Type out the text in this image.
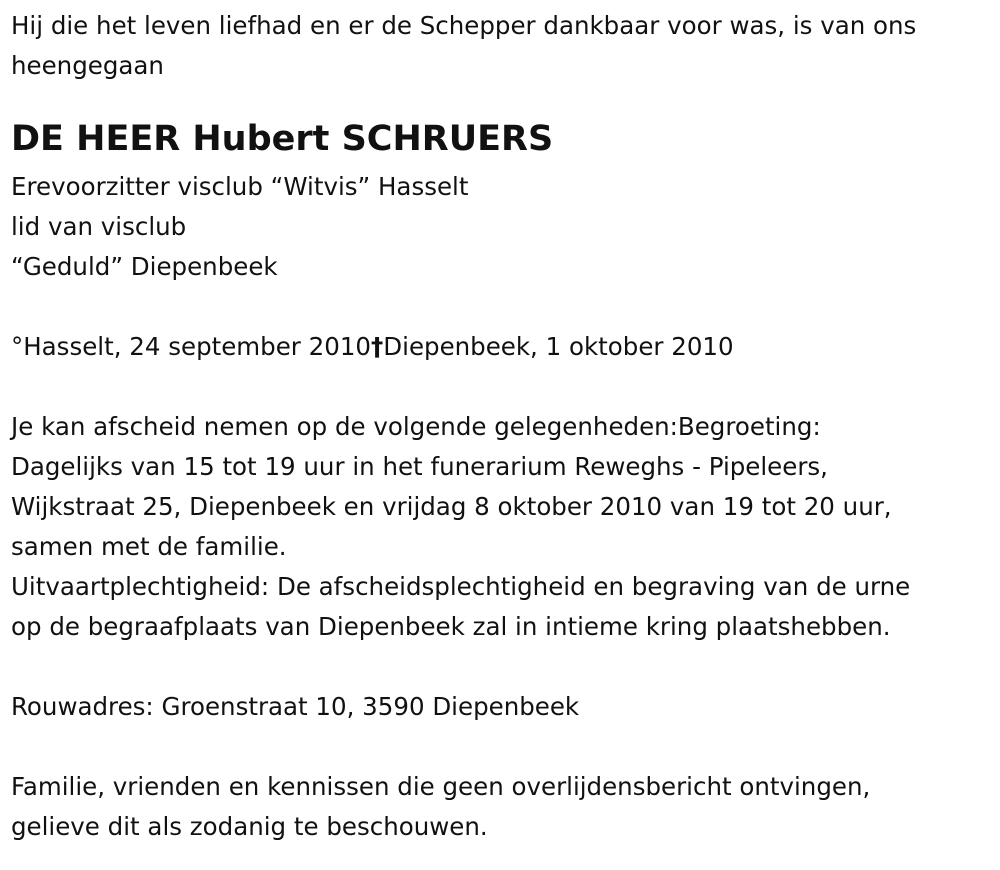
Hij die het leven liefhad en er de Schepper dankbaar voor was, is van ons
heengegaan
DE HEER Hubert SCHRUERS
Erevoorzitter visclub “Witvis” Hasselt
lid van visclub
“Geduld” Diepenbeek
°Hasselt, 24 september 2010†Diepenbeek, 1 oktober 2010
Je kan afscheid nemen op de volgende gelegenheden:Begroeting:
Dagelijks van 15 tot 19 uur in het funerarium Reweghs - Pipeleers,
Wijkstraat 25, Diepenbeek en vrijdag 8 oktober 2010 van 19 tot 20 uur,
samen met de familie.
Uitvaartplechtigheid: De afscheidsplechtigheid en begraving van de urne
op de begraafplaats van Diepenbeek zal in intieme kring plaatshebben.
Rouwadres: Groenstraat 10, 3590 Diepenbeek
Familie, vrienden en kennissen die geen overlijdensbericht ontvingen,
gelieve dit als zodanig te beschouwen.
